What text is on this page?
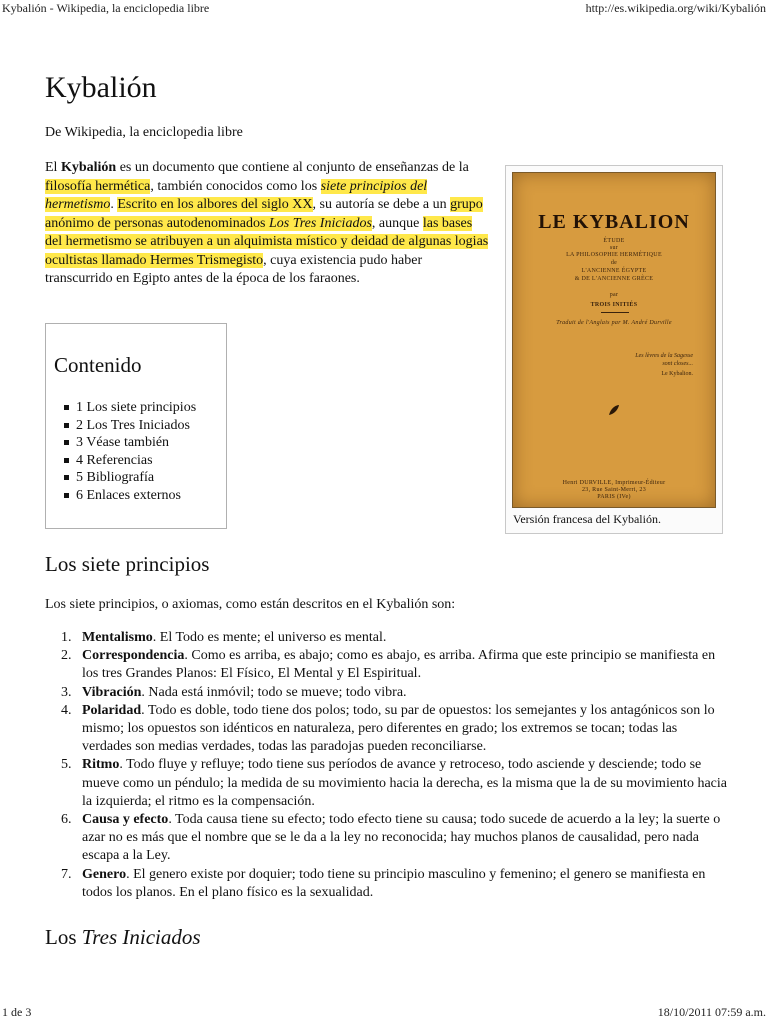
Kybalión - Wikipedia, la enciclopedia libre	http://es.wikipedia.org/wiki/Kybalión
Kybalión
De Wikipedia, la enciclopedia libre

El Kybalión es un documento que contiene al conjunto de enseñanzas de la filosofía hermética, también conocidos como los siete principios del hermetismo. Escrito en los albores del siglo XX, su autoría se debe a un grupo anónimo de personas autodenominados Los Tres Iniciados, aunque las bases del hermetismo se atribuyen a un alquimista místico y deidad de algunas logias ocultistas llamado Hermes Trismegisto, cuya existencia pudo haber transcurrido en Egipto antes de la época de los faraones.

LE KYBALION
ÉTUDE
sur
LA PHILOSOPHIE HERMÉTIQUE
de
L'ANCIENNE ÉGYPTE
& DE L'ANCIENNE GRÈCE
par
TROIS INITIÉS
Traduit de l'Anglais par M. André Durville
Les lèvres de la Sagesse
sont closes...
Le Kybalion.
Henri DURVILLE, Imprimeur-Éditeur
23, Rue Saint-Merri, 23
PARIS (IVe)
Versión francesa del Kybalión.
Contenido
1 Los siete principios
2 Los Tres Iniciados
3 Véase también
4 Referencias
5 Bibliografía
6 Enlaces externos
Los siete principios
Los siete principios, o axiomas, como están descritos en el Kybalión son:
1. Mentalismo. El Todo es mente; el universo es mental.
2. Correspondencia. Como es arriba, es abajo; como es abajo, es arriba. Afirma que este principio se manifiesta en los tres Grandes Planos: El Físico, El Mental y El Espiritual.
3. Vibración. Nada está inmóvil; todo se mueve; todo vibra.
4. Polaridad. Todo es doble, todo tiene dos polos; todo, su par de opuestos: los semejantes y los antagónicos son lo mismo; los opuestos son idénticos en naturaleza, pero diferentes en grado; los extremos se tocan; todas las verdades son medias verdades, todas las paradojas pueden reconciliarse.
5. Ritmo. Todo fluye y refluye; todo tiene sus períodos de avance y retroceso, todo asciende y desciende; todo se mueve como un péndulo; la medida de su movimiento hacia la derecha, es la misma que la de su movimiento hacia la izquierda; el ritmo es la compensación.
6. Causa y efecto. Toda causa tiene su efecto; todo efecto tiene su causa; todo sucede de acuerdo a la ley; la suerte o azar no es más que el nombre que se le da a la ley no reconocida; hay muchos planos de causalidad, pero nada escapa a la Ley.
7. Genero. El genero existe por doquier; todo tiene su principio masculino y femenino; el genero se manifiesta en todos los planos. En el plano físico es la sexualidad.
Los Tres Iniciados
1 de 3	18/10/2011 07:59 a.m.
